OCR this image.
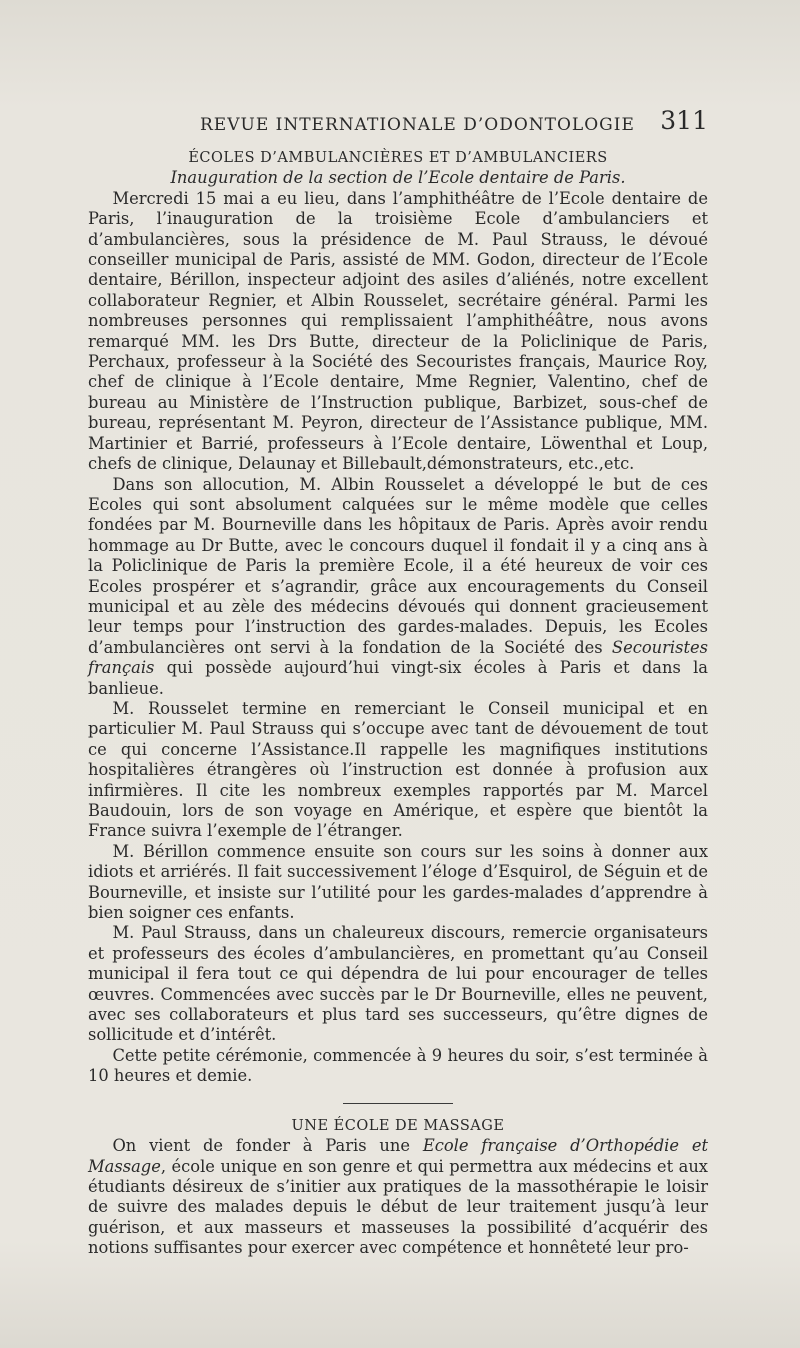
REVUE INTERNATIONALE D’ODONTOLOGIE 311
ÉCOLES D’AMBULANCIÈRES ET D’AMBULANCIERS
Inauguration de la section de l’Ecole dentaire de Paris.

Mercredi 15 mai a eu lieu, dans l’amphithéâtre de l’Ecole dentaire de Paris, l’inauguration de la troisième Ecole d’ambulanciers et d’ambulancières, sous la présidence de M. Paul Strauss, le dévoué conseiller municipal de Paris, assisté de MM. Godon, directeur de l’Ecole dentaire, Bérillon, inspecteur adjoint des asiles d’aliénés, notre excellent collaborateur Regnier, et Albin Rousselet, secrétaire général. Parmi les nombreuses personnes qui remplissaient l’amphithéâtre, nous avons remarqué MM. les Drs Butte, directeur de la Policlinique de Paris, Perchaux, professeur à la Société des Secouristes français, Maurice Roy, chef de clinique à l’Ecole dentaire, Mme Regnier, Valentino, chef de bureau au Ministère de l’Instruction publique, Barbizet, sous-chef de bureau, représentant M. Peyron, directeur de l’Assistance publique, MM. Martinier et Barrié, professeurs à l’Ecole dentaire, Löwenthal et Loup, chefs de clinique, Delaunay et Billebault,démonstrateurs, etc.,etc.

Dans son allocution, M. Albin Rousselet a développé le but de ces Ecoles qui sont absolument calquées sur le même modèle que celles fondées par M. Bourneville dans les hôpitaux de Paris. Après avoir rendu hommage au Dr Butte, avec le concours duquel il fondait il y a cinq ans à la Policlinique de Paris la première Ecole, il a été heureux de voir ces Ecoles prospérer et s’agrandir, grâce aux encouragements du Conseil municipal et au zèle des médecins dévoués qui donnent gracieusement leur temps pour l’instruction des gardes-malades. Depuis, les Ecoles d’ambulancières ont servi à la fondation de la Société des Secouristes français qui possède aujourd’hui vingt-six écoles à Paris et dans la banlieue.

M. Rousselet termine en remerciant le Conseil municipal et en particulier M. Paul Strauss qui s’occupe avec tant de dévouement de tout ce qui concerne l’Assistance.Il rappelle les magnifiques institutions hospitalières étrangères où l’instruction est donnée à profusion aux infirmières. Il cite les nombreux exemples rapportés par M. Marcel Baudouin, lors de son voyage en Amérique, et espère que bientôt la France suivra l’exemple de l’étranger.

M. Bérillon commence ensuite son cours sur les soins à donner aux idiots et arriérés. Il fait successivement l’éloge d’Esquirol, de Séguin et de Bourneville, et insiste sur l’utilité pour les gardes-malades d’apprendre à bien soigner ces enfants.

M. Paul Strauss, dans un chaleureux discours, remercie organisateurs et professeurs des écoles d’ambulancières, en promettant qu’au Conseil municipal il fera tout ce qui dépendra de lui pour encourager de telles œuvres. Commencées avec succès par le Dr Bourneville, elles ne peuvent, avec ses collaborateurs et plus tard ses successeurs, qu’être dignes de sollicitude et d’intérêt.

Cette petite cérémonie, commencée à 9 heures du soir, s’est terminée à 10 heures et demie.

UNE ÉCOLE DE MASSAGE

On vient de fonder à Paris une Ecole française d’Orthopédie et Massage, école unique en son genre et qui permettra aux médecins et aux étudiants désireux de s’initier aux pratiques de la massothérapie le loisir de suivre des malades depuis le début de leur traitement jusqu’à leur guérison, et aux masseurs et masseuses la possibilité d’acquérir des notions suffisantes pour exercer avec compétence et honnêteté leur pro-
